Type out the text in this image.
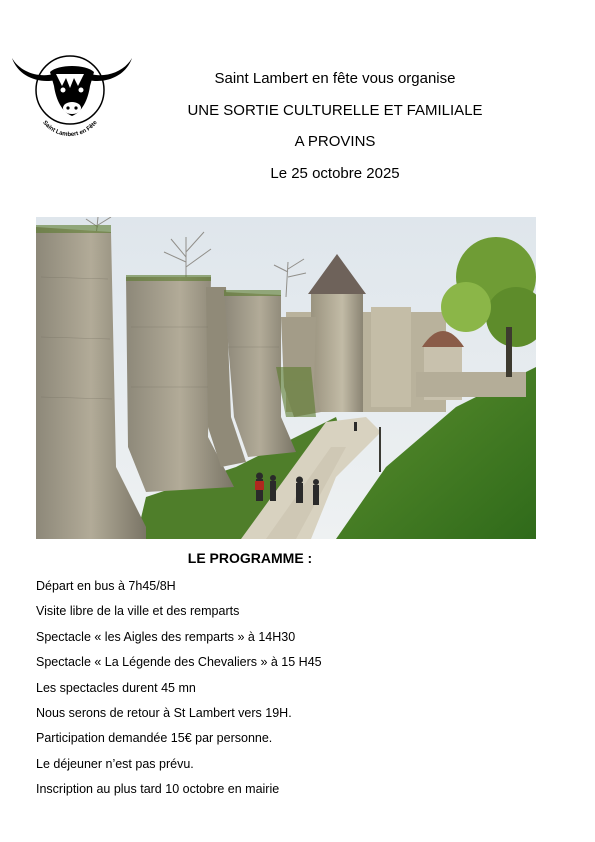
Saint Lambert en Fête
Saint Lambert en fête vous organise
UNE SORTIE CULTURELLE ET FAMILIALE
A PROVINS
Le 25 octobre 2025
LE PROGRAMME :
Départ en bus à 7h45/8H
Visite libre de la ville et des remparts
Spectacle « les Aigles des remparts » à 14H30
Spectacle « La Légende des Chevaliers » à 15 H45
Les spectacles durent 45 mn
Nous serons de retour à St Lambert vers 19H.
Participation demandée 15€ par personne.
Le déjeuner n’est pas prévu.
Inscription au plus tard 10 octobre en mairie
